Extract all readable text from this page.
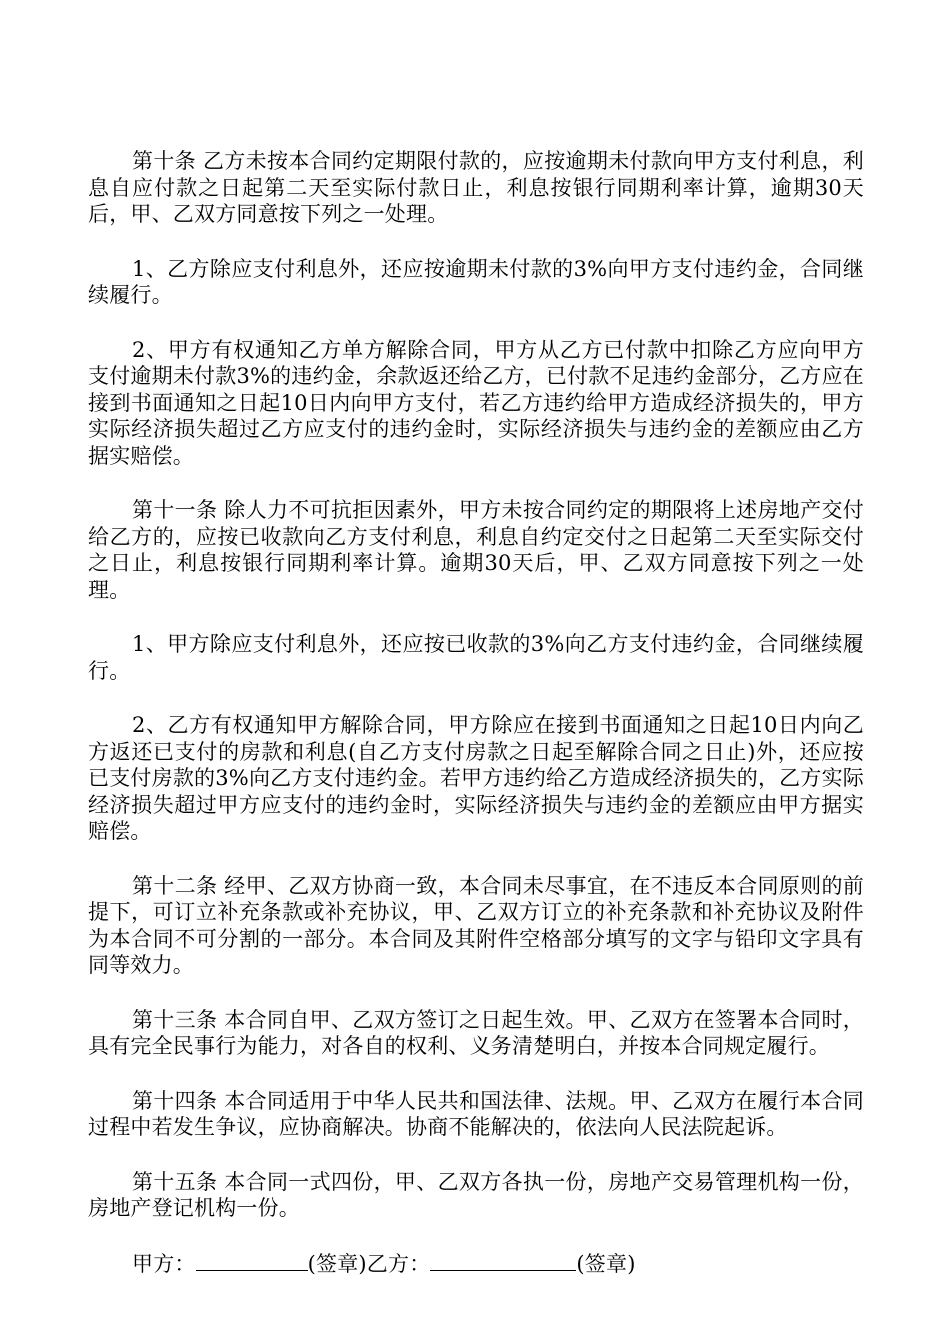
第十条 乙方未按本合同约定期限付款的，应按逾期未付款向甲方支付利息，利息自应付款之日起第二天至实际付款日止，利息按银行同期利率计算，逾期30天后，甲、乙双方同意按下列之一处理。

1、乙方除应支付利息外，还应按逾期未付款的3%向甲方支付违约金，合同继续履行。

2、甲方有权通知乙方单方解除合同，甲方从乙方已付款中扣除乙方应向甲方支付逾期未付款3%的违约金，余款返还给乙方，已付款不足违约金部分，乙方应在接到书面通知之日起10日内向甲方支付，若乙方违约给甲方造成经济损失的，甲方实际经济损失超过乙方应支付的违约金时，实际经济损失与违约金的差额应由乙方据实赔偿。

第十一条 除人力不可抗拒因素外，甲方未按合同约定的期限将上述房地产交付给乙方的，应按已收款向乙方支付利息，利息自约定交付之日起第二天至实际交付之日止，利息按银行同期利率计算。逾期30天后，甲、乙双方同意按下列之一处理。

1、甲方除应支付利息外，还应按已收款的3%向乙方支付违约金，合同继续履行。

2、乙方有权通知甲方解除合同，甲方除应在接到书面通知之日起10日内向乙方返还已支付的房款和利息(自乙方支付房款之日起至解除合同之日止)外，还应按已支付房款的3%向乙方支付违约金。若甲方违约给乙方造成经济损失的，乙方实际经济损失超过甲方应支付的违约金时，实际经济损失与违约金的差额应由甲方据实赔偿。

第十二条 经甲、乙双方协商一致，本合同未尽事宜，在不违反本合同原则的前提下，可订立补充条款或补充协议，甲、乙双方订立的补充条款和补充协议及附件为本合同不可分割的一部分。本合同及其附件空格部分填写的文字与铅印文字具有同等效力。

第十三条 本合同自甲、乙双方签订之日起生效。甲、乙双方在签署本合同时，具有完全民事行为能力，对各自的权利、义务清楚明白，并按本合同规定履行。

第十四条 本合同适用于中华人民共和国法律、法规。甲、乙双方在履行本合同过程中若发生争议，应协商解决。协商不能解决的，依法向人民法院起诉。

第十五条 本合同一式四份，甲、乙双方各执一份，房地产交易管理机构一份，房地产登记机构一份。

甲方：	(签章)乙方：	(签章)
